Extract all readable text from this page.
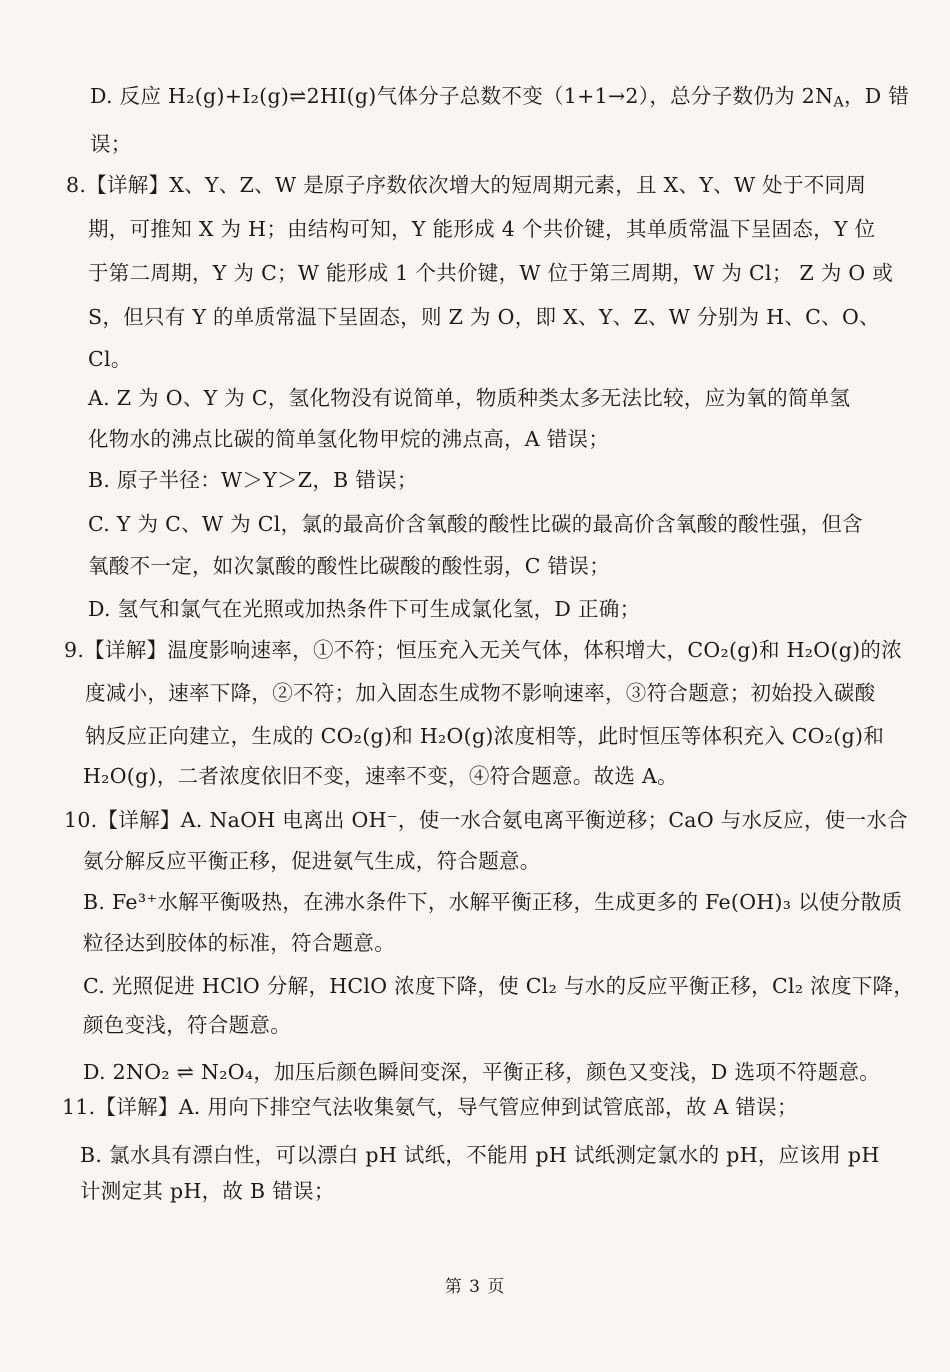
D. 反应 H₂(g)+I₂(g)⇌2HI(g)气体分子总数不变（1+1→2），总分子数仍为 $2N_A$，D 错
误；
8.【详解】X、Y、Z、W 是原子序数依次增大的短周期元素，且 X、Y、W 处于不同周
期，可推知 X 为 H；由结构可知，Y 能形成 4 个共价键，其单质常温下呈固态，Y 位
于第二周期，Y 为 C；W 能形成 1 个共价键，W 位于第三周期，W 为 Cl； Z 为 O 或
S，但只有 Y 的单质常温下呈固态，则 Z 为 O，即 X、Y、Z、W 分别为 H、C、O、
Cl。
A. Z 为 O、Y 为 C，氢化物没有说简单，物质种类太多无法比较，应为氧的简单氢
化物水的沸点比碳的简单氢化物甲烷的沸点高，A 错误；
B. 原子半径：W＞Y＞Z，B 错误；
C. Y 为 C、W 为 Cl，氯的最高价含氧酸的酸性比碳的最高价含氧酸的酸性强，但含
氧酸不一定，如次氯酸的酸性比碳酸的酸性弱，C 错误；
D. 氢气和氯气在光照或加热条件下可生成氯化氢，D 正确；
9.【详解】温度影响速率，①不符；恒压充入无关气体，体积增大，CO₂(g)和 H₂O(g)的浓
度减小，速率下降，②不符；加入固态生成物不影响速率，③符合题意；初始投入碳酸
钠反应正向建立，生成的 CO₂(g)和 H₂O(g)浓度相等，此时恒压等体积充入 CO₂(g)和
H₂O(g)，二者浓度依旧不变，速率不变，④符合题意。故选 A。
10.【详解】A. NaOH 电离出 OH⁻，使一水合氨电离平衡逆移；CaO 与水反应，使一水合
氨分解反应平衡正移，促进氨气生成，符合题意。
B. Fe³⁺水解平衡吸热，在沸水条件下，水解平衡正移，生成更多的 Fe(OH)₃ 以使分散质
粒径达到胶体的标准，符合题意。
C. 光照促进 HClO 分解，HClO 浓度下降，使 Cl₂ 与水的反应平衡正移，Cl₂ 浓度下降，
颜色变浅，符合题意。
D. 2NO₂ ⇌ N₂O₄，加压后颜色瞬间变深，平衡正移，颜色又变浅，D 选项不符题意。
11.【详解】A. 用向下排空气法收集氨气，导气管应伸到试管底部，故 A 错误；
B. 氯水具有漂白性，可以漂白 pH 试纸，不能用 pH 试纸测定氯水的 pH，应该用 pH
计测定其 pH，故 B 错误；
第 3 页
